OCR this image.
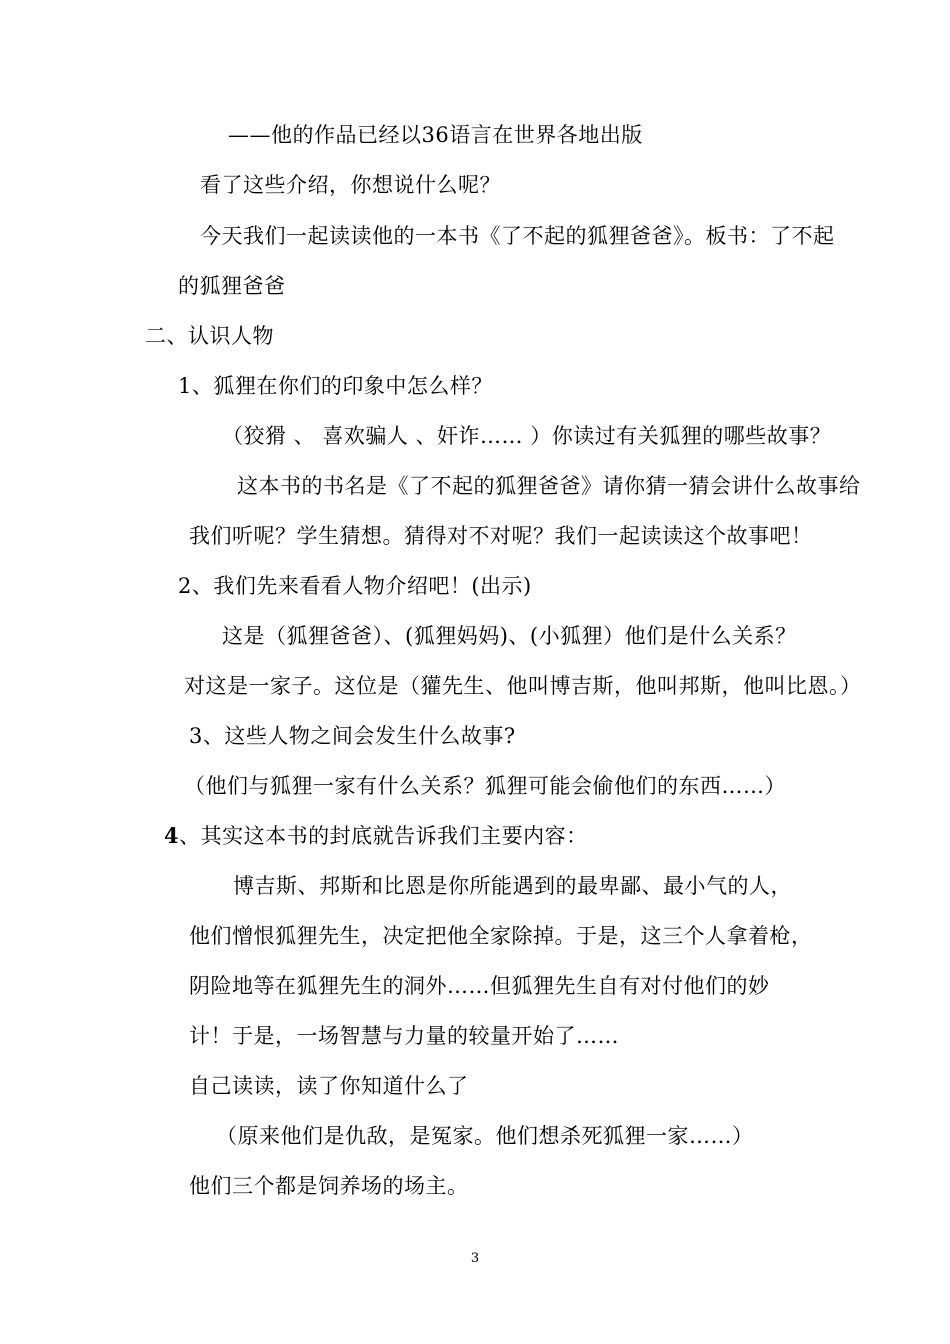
——他的作品已经以36语言在世界各地出版
看了这些介绍，你想说什么呢？
今天我们一起读读他的一本书《了不起的狐狸爸爸》。板书：了不起
的狐狸爸爸
二、认识人物
1、狐狸在你们的印象中怎么样？
（狡猾 、 喜欢骗人 、奸诈…… ）你读过有关狐狸的哪些故事？
这本书的书名是《了不起的狐狸爸爸》请你猜一猜会讲什么故事给
我们听呢？学生猜想。猜得对不对呢？我们一起读读这个故事吧！
2、我们先来看看人物介绍吧！(出示)
这是（狐狸爸爸）、(狐狸妈妈)、(小狐狸）他们是什么关系？
对这是一家子。这位是（獾先生、他叫博吉斯，他叫邦斯，他叫比恩。）
3、这些人物之间会发生什么故事?
（他们与狐狸一家有什么关系？狐狸可能会偷他们的东西……）
4、其实这本书的封底就告诉我们主要内容：
博吉斯、邦斯和比恩是你所能遇到的最卑鄙、最小气的人，
他们憎恨狐狸先生，决定把他全家除掉。于是，这三个人拿着枪，
阴险地等在狐狸先生的洞外……但狐狸先生自有对付他们的妙
计！于是，一场智慧与力量的较量开始了……
自己读读，读了你知道什么了
（原来他们是仇敌，是冤家。他们想杀死狐狸一家……）
他们三个都是饲养场的场主。
3
